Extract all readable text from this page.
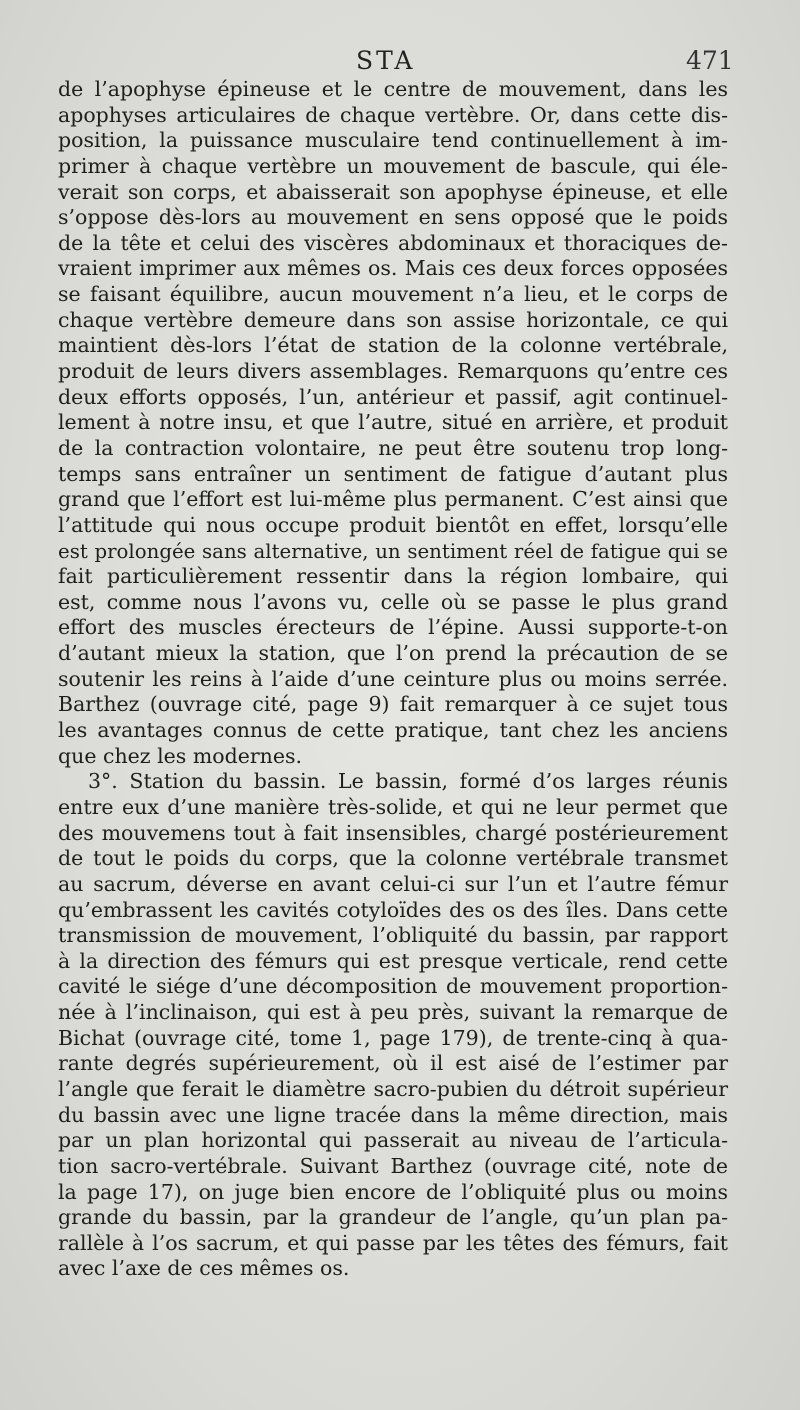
STA	471
de l’apophyse épineuse et le centre de mouvement, dans les
apophyses articulaires de chaque vertèbre. Or, dans cette dis-
position, la puissance musculaire tend continuellement à im-
primer à chaque vertèbre un mouvement de bascule, qui éle-
verait son corps, et abaisserait son apophyse épineuse, et elle
s’oppose dès-lors au mouvement en sens opposé que le poids
de la tête et celui des viscères abdominaux et thoraciques de-
vraient imprimer aux mêmes os. Mais ces deux forces opposées
se faisant équilibre, aucun mouvement n’a lieu, et le corps de
chaque vertèbre demeure dans son assise horizontale, ce qui
maintient dès-lors l’état de station de la colonne vertébrale,
produit de leurs divers assemblages. Remarquons qu’entre ces
deux efforts opposés, l’un, antérieur et passif, agit continuel-
lement à notre insu, et que l’autre, situé en arrière, et produit
de la contraction volontaire, ne peut être soutenu trop long-
temps sans entraîner un sentiment de fatigue d’autant plus
grand que l’effort est lui-même plus permanent. C’est ainsi que
l’attitude qui nous occupe produit bientôt en effet, lorsqu’elle
est prolongée sans alternative, un sentiment réel de fatigue qui se
fait particulièrement ressentir dans la région lombaire, qui
est, comme nous l’avons vu, celle où se passe le plus grand
effort des muscles érecteurs de l’épine. Aussi supporte-t-on
d’autant mieux la station, que l’on prend la précaution de se
soutenir les reins à l’aide d’une ceinture plus ou moins serrée.
Barthez (ouvrage cité, page 9) fait remarquer à ce sujet tous
les avantages connus de cette pratique, tant chez les anciens
que chez les modernes.
3°. Station du bassin. Le bassin, formé d’os larges réunis
entre eux d’une manière très-solide, et qui ne leur permet que
des mouvemens tout à fait insensibles, chargé postérieurement
de tout le poids du corps, que la colonne vertébrale transmet
au sacrum, déverse en avant celui-ci sur l’un et l’autre fémur
qu’embrassent les cavités cotyloïdes des os des îles. Dans cette
transmission de mouvement, l’obliquité du bassin, par rapport
à la direction des fémurs qui est presque verticale, rend cette
cavité le siége d’une décomposition de mouvement proportion-
née à l’inclinaison, qui est à peu près, suivant la remarque de
Bichat (ouvrage cité, tome 1, page 179), de trente-cinq à qua-
rante degrés supérieurement, où il est aisé de l’estimer par
l’angle que ferait le diamètre sacro-pubien du détroit supérieur
du bassin avec une ligne tracée dans la même direction, mais
par un plan horizontal qui passerait au niveau de l’articula-
tion sacro-vertébrale. Suivant Barthez (ouvrage cité, note de
la page 17), on juge bien encore de l’obliquité plus ou moins
grande du bassin, par la grandeur de l’angle, qu’un plan pa-
rallèle à l’os sacrum, et qui passe par les têtes des fémurs, fait
avec l’axe de ces mêmes os.
